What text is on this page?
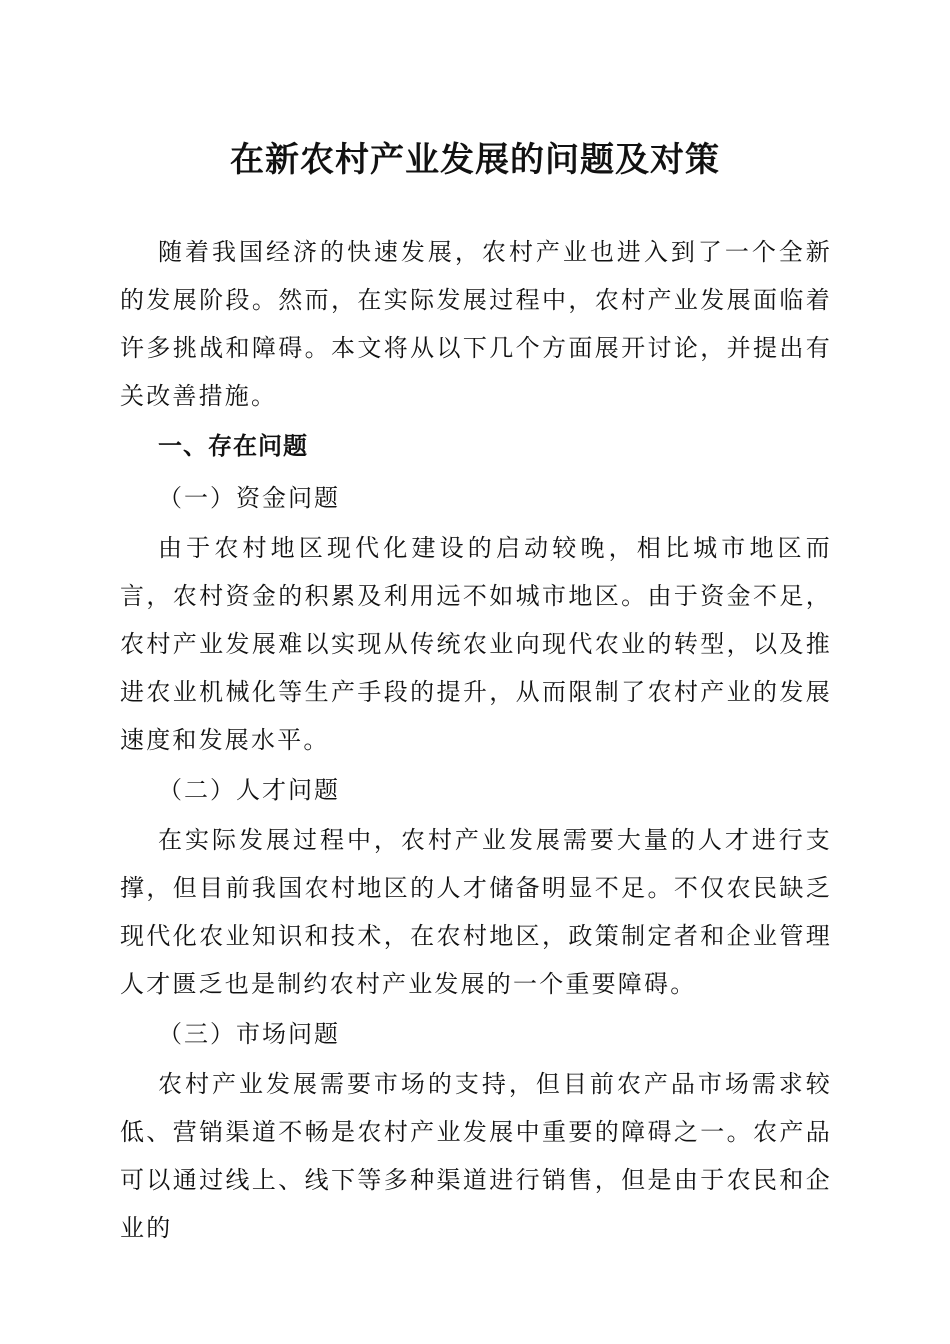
在新农村产业发展的问题及对策

随着我国经济的快速发展，农村产业也进入到了一个全新的发展阶段。然而，在实际发展过程中，农村产业发展面临着许多挑战和障碍。本文将从以下几个方面展开讨论，并提出有关改善措施。

一、存在问题

（一）资金问题

由于农村地区现代化建设的启动较晚，相比城市地区而言，农村资金的积累及利用远不如城市地区。由于资金不足，农村产业发展难以实现从传统农业向现代农业的转型，以及推进农业机械化等生产手段的提升，从而限制了农村产业的发展速度和发展水平。

（二）人才问题

在实际发展过程中，农村产业发展需要大量的人才进行支撑，但目前我国农村地区的人才储备明显不足。不仅农民缺乏现代化农业知识和技术，在农村地区，政策制定者和企业管理人才匮乏也是制约农村产业发展的一个重要障碍。

（三）市场问题

农村产业发展需要市场的支持，但目前农产品市场需求较低、营销渠道不畅是农村产业发展中重要的障碍之一。农产品可以通过线上、线下等多种渠道进行销售，但是由于农民和企业的
